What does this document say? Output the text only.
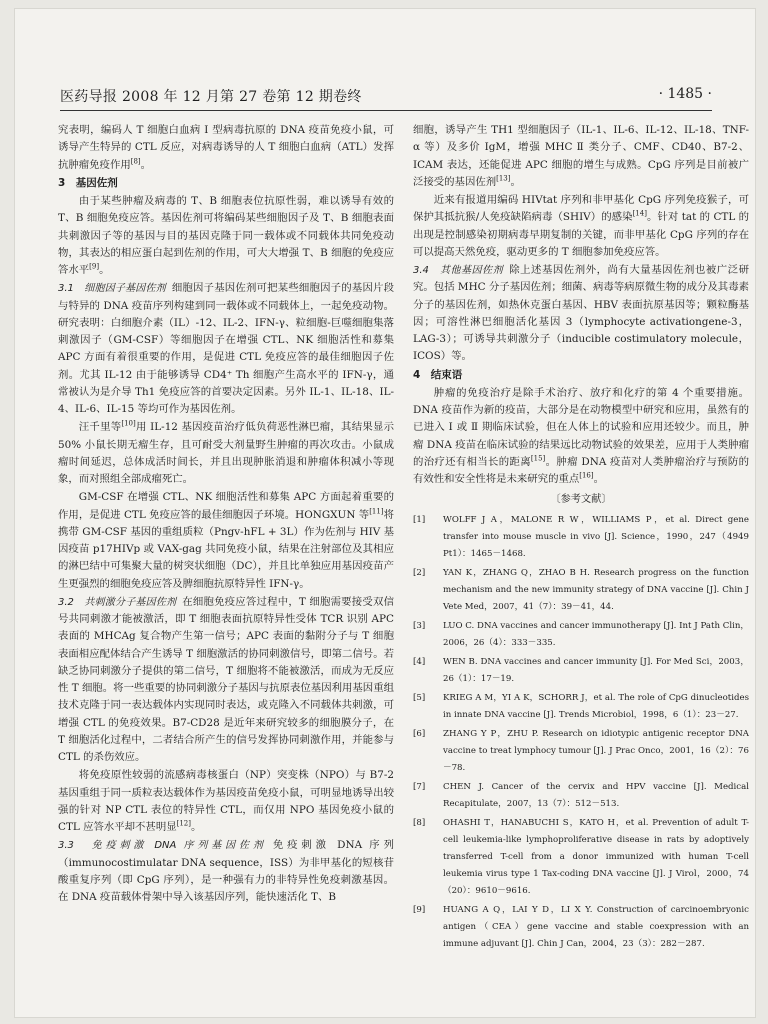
医药导报 2008 年 12 月第 27 卷第 12 期卷终	· 1485 ·

究表明，编码人 T 细胞白血病 Ⅰ 型病毒抗原的 DNA 疫苗免疫小鼠，可诱导产生特异的 CTL 反应，对病毒诱导的人 T 细胞白血病（ATL）发挥抗肿瘤免疫作用[8]。

3　基因佐剂

由于某些肿瘤及病毒的 T、B 细胞表位抗原性弱，难以诱导有效的 T、B 细胞免疫应答。基因佐剂可将编码某些细胞因子及 T、B 细胞表面共刺激因子等的基因与目的基因克隆于同一载体或不同载体共同免疫动物，其表达的相应蛋白起到佐剂的作用，可大大增强 T、B 细胞的免疫应答水平[9]。

3.1　细胞因子基因佐剂 细胞因子基因佐剂可把某些细胞因子的基因片段与特异的 DNA 疫苗序列构建到同一载体或不同载体上，一起免疫动物。研究表明：白细胞介素（IL）-12、IL-2、IFN-γ、粒细胞-巨噬细胞集落刺激因子（GM-CSF）等细胞因子在增强 CTL、NK 细胞活性和募集 APC 方面有着很重要的作用，是促进 CTL 免疫应答的最佳细胞因子佐剂。尤其 IL-12 由于能够诱导 CD4⁺ Th 细胞产生高水平的 IFN-γ，通常被认为是介导 Th1 免疫应答的首要决定因素。另外 IL-1、IL-18、IL-4、IL-6、IL-15 等均可作为基因佐剂。

汪千里等[10]用 IL-12 基因疫苗治疗低负荷恶性淋巴瘤，其结果显示 50% 小鼠长期无瘤生存，且可耐受大剂量野生肿瘤的再次攻击。小鼠成瘤时间延迟，总体成活时间长，并且出现肿胀消退和肿瘤体积减小等现象，而对照组全部成瘤死亡。

GM-CSF 在增强 CTL、NK 细胞活性和募集 APC 方面起着重要的作用，是促进 CTL 免疫应答的最佳细胞因子环境。HONGXUN 等[11]将携带 GM-CSF 基因的重组质粒（Pngv-hFL + 3L）作为佐剂与 HIV 基因疫苗 p17HIVp 或 VAX-gag 共同免疫小鼠，结果在注射部位及其相应的淋巴结中可集聚大量的树突状细胞（DC），并且比单独应用基因疫苗产生更强烈的细胞免疫应答及脾细胞抗原特异性 IFN-γ。

3.2　共刺激分子基因佐剂 在细胞免疫应答过程中，T 细胞需要接受双信号共同刺激才能被激活，即 T 细胞表面抗原特异性受体 TCR 识别 APC 表面的 MHCAg 复合物产生第一信号；APC 表面的黏附分子与 T 细胞表面相应配体结合产生诱导 T 细胞激活的协同刺激信号，即第二信号。若缺乏协同刺激分子提供的第二信号，T 细胞将不能被激活，而成为无反应性 T 细胞。将一些重要的协同刺激分子基因与抗原表位基因利用基因重组技术克隆于同一表达载体内实现同时表达，或克隆入不同载体共刺激，可增强 CTL 的免疫效果。B7-CD28 是近年来研究较多的细胞膜分子，在 T 细胞活化过程中，二者结合所产生的信号发挥协同刺激作用，并能参与 CTL 的杀伤效应。

将免疫原性较弱的流感病毒核蛋白（NP）突变株（NPO）与 B7-2 基因重组于同一质粒表达载体作为基因疫苗免疫小鼠，可明显地诱导出较强的针对 NP CTL 表位的特异性 CTL，而仅用 NPO 基因免疫小鼠的 CTL 应答水平却不甚明显[12]。

3.3　免疫刺激 DNA 序列基因佐剂 免疫刺激 DNA 序列（immunocostimulatar DNA sequence，ISS）为非甲基化的短核苷酸重复序列（即 CpG 序列），是一种强有力的非特异性免疫刺激基因。在 DNA 疫苗载体骨架中导入该基因序列，能快速活化 T、B

细胞，诱导产生 TH1 型细胞因子（IL-1、IL-6、IL-12、IL-18、TNF-α 等）及多价 IgM，增强 MHC Ⅱ 类分子、CMF、CD40、B7-2、ICAM 表达，还能促进 APC 细胞的增生与成熟。CpG 序列是目前被广泛接受的基因佐剂[13]。

近来有报道用编码 HIVtat 序列和非甲基化 CpG 序列免疫猴子，可保护其抵抗猴/人免疫缺陷病毒（SHIV）的感染[14]。针对 tat 的 CTL 的出现是控制感染初期病毒早期复制的关键，而非甲基化 CpG 序列的存在可以提高天然免疫，驱动更多的 T 细胞参加免疫应答。

3.4　其他基因佐剂 除上述基因佐剂外，尚有大量基因佐剂也被广泛研究。包括 MHC 分子基因佐剂；细菌、病毒等病原微生物的成分及其毒素分子的基因佐剂，如热休克蛋白基因、HBV 表面抗原基因等；颗粒酶基因；可溶性淋巴细胞活化基因 3（lymphocyte activationgene-3，LAG-3）；可诱导共刺激分子（inducible costimulatory molecule，ICOS）等。

4　结束语

肿瘤的免疫治疗是除手术治疗、放疗和化疗的第 4 个重要措施。DNA 疫苗作为新的疫苗，大部分是在动物模型中研究和应用，虽然有的已进入 Ⅰ 或 Ⅱ 期临床试验，但在人体上的试验和应用还较少。而且，肿瘤 DNA 疫苗在临床试验的结果远比动物试验的效果差，应用于人类肿瘤的治疗还有相当长的距离[15]。肿瘤 DNA 疫苗对人类肿瘤治疗与预防的有效性和安全性将是未来研究的重点[16]。

〔参考文献〕
[1]	WOLFF J A，MALONE R W，WILLIAMS P，et al. Direct gene transfer into mouse muscle in vivo [J]. Science，1990，247（4949 Pt1）：1465－1468.
[2]	YAN K，ZHANG Q，ZHAO B H. Research progress on the function mechanism and the new immunity strategy of DNA vaccine [J]. Chin J Vete Med，2007，41（7）：39－41，44.
[3]	LUO C. DNA vaccines and cancer immunotherapy [J]. Int J Path Clin，2006，26（4）：333－335.
[4]	WEN B. DNA vaccines and cancer immunity [J]. For Med Sci，2003，26（1）：17－19.
[5]	KRIEG A M，YI A K，SCHORR J，et al. The role of CpG dinucleotides in innate DNA vaccine [J]. Trends Microbiol，1998，6（1）：23－27.
[6]	ZHANG Y P，ZHU P. Research on idiotypic antigenic receptor DNA vaccine to treat lymphocy tumour [J]. J Prac Onco，2001，16（2）：76－78.
[7]	CHEN J. Cancer of the cervix and HPV vaccine [J]. Medical Recapitulate，2007，13（7）：512－513.
[8]	OHASHI T，HANABUCHI S，KATO H，et al. Prevention of adult T-cell leukemia-like lymphoproliferative disease in rats by adoptively transferred T-cell from a donor immunized with human T-cell leukemia virus type 1 Tax-coding DNA vaccine [J]. J Virol，2000，74（20）：9610－9616.
[9]	HUANG A Q，LAI Y D，LI X Y. Construction of carcinoembryonic antigen（CEA）gene vaccine and stable coexpression with an immune adjuvant [J]. Chin J Can，2004，23（3）：282－287.
